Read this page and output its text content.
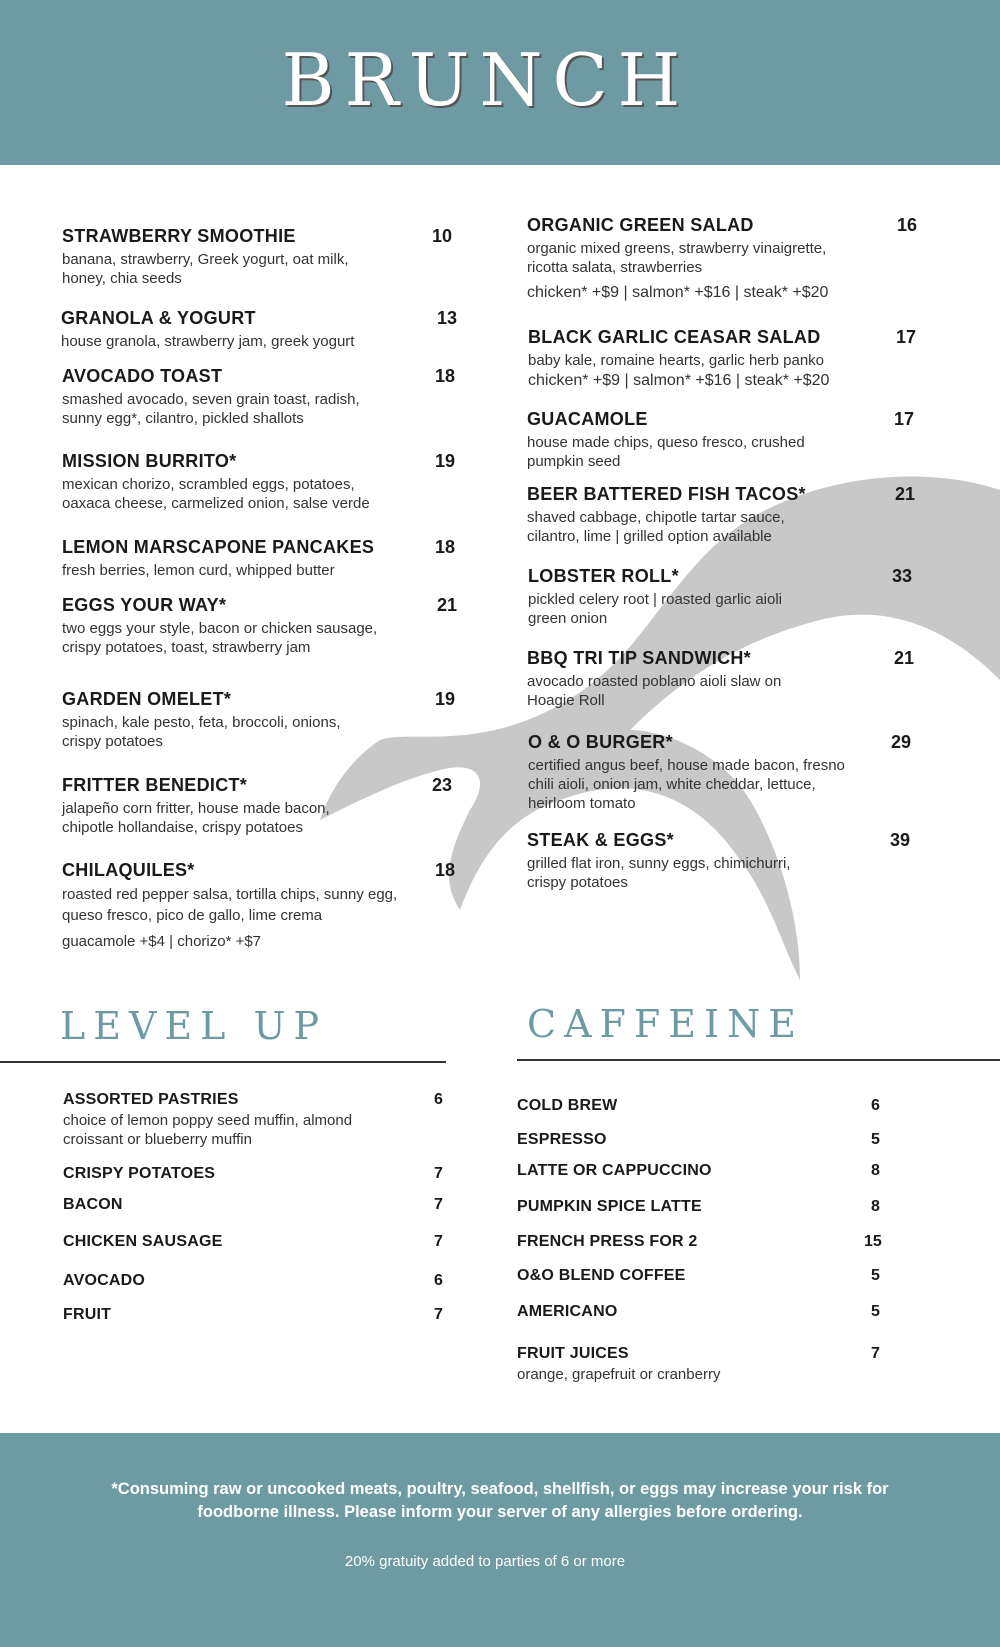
BRUNCH
STRAWBERRY SMOOTHIE	10
banana, strawberry, Greek yogurt, oat milk, honey, chia seeds
GRANOLA & YOGURT	13
house granola, strawberry jam, greek yogurt
AVOCADO TOAST	18
smashed avocado, seven grain toast, radish, sunny egg*, cilantro, pickled shallots
MISSION BURRITO*	19
mexican chorizo, scrambled eggs, potatoes, oaxaca cheese, carmelized onion, salse verde
LEMON MARSCAPONE PANCAKES	18
fresh berries, lemon curd, whipped butter
EGGS YOUR WAY*	21
two eggs your style, bacon or chicken sausage, crispy potatoes, toast, strawberry jam
GARDEN OMELET*	19
spinach, kale pesto, feta, broccoli, onions, crispy potatoes
FRITTER BENEDICT*	23
jalapeño corn fritter, house made bacon, chipotle hollandaise, crispy potatoes
CHILAQUILES*	18
roasted red pepper salsa, tortilla chips, sunny egg, queso fresco, pico de gallo, lime crema
guacamole +$4 | chorizo* +$7
ORGANIC GREEN SALAD	16
organic mixed greens, strawberry vinaigrette, ricotta salata, strawberries
chicken* +$9 | salmon* +$16 | steak* +$20
BLACK GARLIC CEASAR SALAD	17
baby kale, romaine hearts, garlic herb panko
chicken* +$9 | salmon* +$16 | steak* +$20
GUACAMOLE	17
house made chips, queso fresco, crushed pumpkin seed
BEER BATTERED FISH TACOS*	21
shaved cabbage, chipotle tartar sauce, cilantro, lime | grilled option available
LOBSTER ROLL*	33
pickled celery root | roasted garlic aioli green onion
BBQ TRI TIP SANDWICH*	21
avocado roasted poblano aioli slaw on Hoagie Roll
O & O BURGER*	29
certified angus beef, house made bacon, fresno chili aioli, onion jam, white cheddar, lettuce, heirloom tomato
STEAK & EGGS*	39
grilled flat iron, sunny eggs, chimichurri, crispy potatoes
LEVEL UP	CAFFEINE
ASSORTED PASTRIES	6
choice of lemon poppy seed muffin, almond croissant or blueberry muffin
CRISPY POTATOES	7
BACON	7
CHICKEN SAUSAGE	7
AVOCADO	6
FRUIT	7
COLD BREW	6
ESPRESSO	5
LATTE OR CAPPUCCINO	8
PUMPKIN SPICE LATTE	8
FRENCH PRESS FOR 2	15
O&O BLEND COFFEE	5
AMERICANO	5
FRUIT JUICES	7
orange, grapefruit or cranberry
*Consuming raw or uncooked meats, poultry, seafood, shellfish, or eggs may increase your risk for foodborne illness. Please inform your server of any allergies before ordering.
20% gratuity added to parties of 6 or more
